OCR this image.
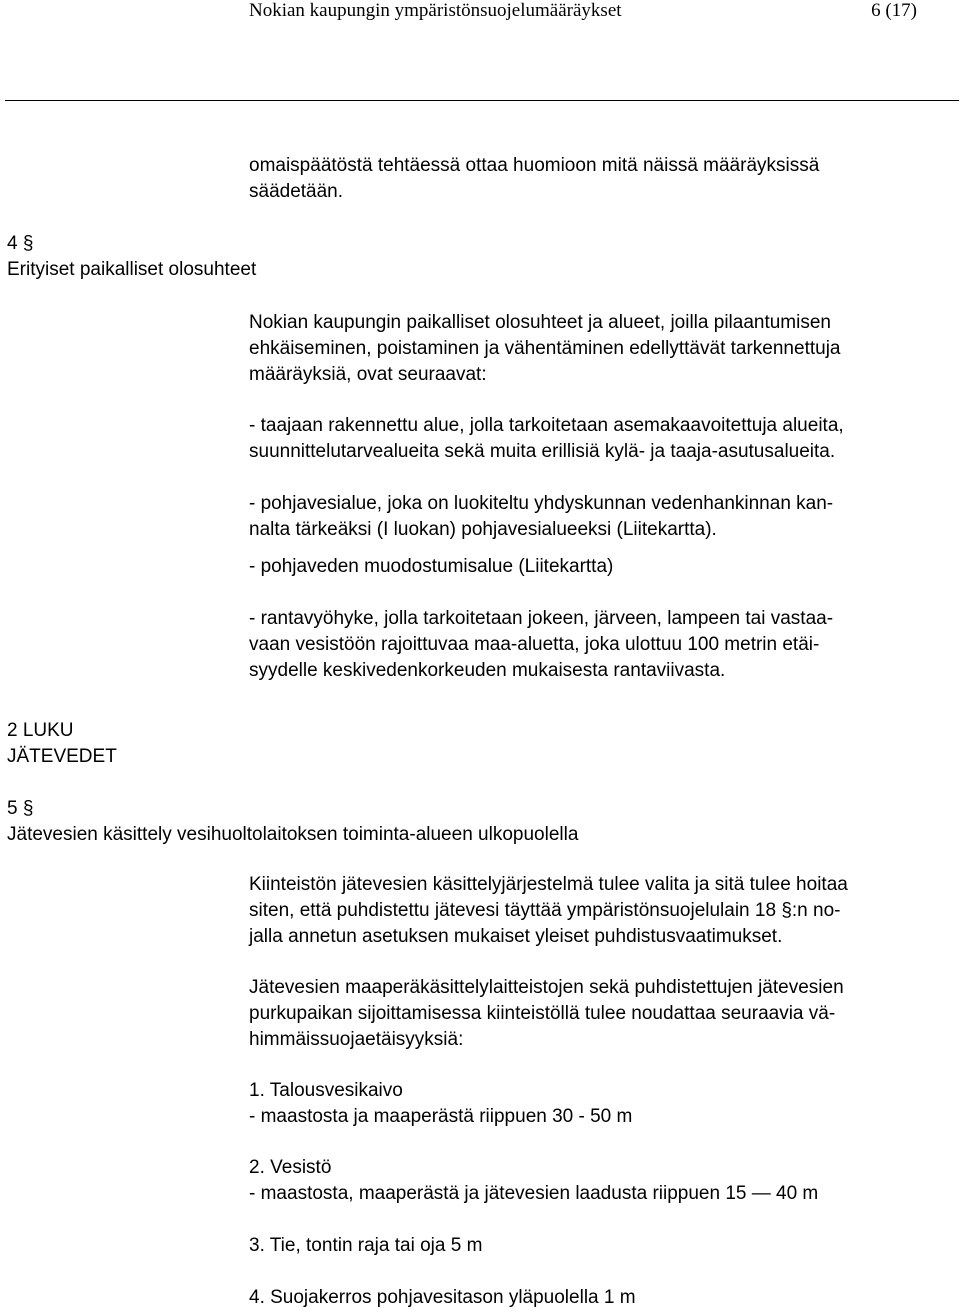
Nokian kaupungin ympäristönsuojelumääräykset	6 (17)
omaispäätöstä tehtäessä ottaa huomioon mitä näissä määräyksissä
säädetään.
4 §
Erityiset paikalliset olosuhteet
Nokian kaupungin paikalliset olosuhteet ja alueet, joilla pilaantumisen
ehkäiseminen, poistaminen ja vähentäminen edellyttävät tarkennettuja
määräyksiä, ovat seuraavat:
- taajaan rakennettu alue, jolla tarkoitetaan asemakaavoitettuja alueita,
suunnittelutarvealueita sekä muita erillisiä kylä- ja taaja-asutusalueita.
- pohjavesialue, joka on luokiteltu yhdyskunnan vedenhankinnan kan-
nalta tärkeäksi (I luokan) pohjavesialueeksi (Liitekartta).
- pohjaveden muodostumisalue (Liitekartta)
- rantavyöhyke, jolla tarkoitetaan jokeen, järveen, lampeen tai vastaa-
vaan vesistöön rajoittuvaa maa-aluetta, joka ulottuu 100 metrin etäi-
syydelle keskivedenkorkeuden mukaisesta rantaviivasta.
2 LUKU
JÄTEVEDET
5 §
Jätevesien käsittely vesihuoltolaitoksen toiminta-alueen ulkopuolella
Kiinteistön jätevesien käsittelyjärjestelmä tulee valita ja sitä tulee hoitaa
siten, että puhdistettu jätevesi täyttää ympäristönsuojelulain 18 §:n no-
jalla annetun asetuksen mukaiset yleiset puhdistusvaatimukset.
Jätevesien maaperäkäsittelylaitteistojen sekä puhdistettujen jätevesien
purkupaikan sijoittamisessa kiinteistöllä tulee noudattaa seuraavia vä-
himmäissuojaetäisyyksiä:
1. Talousvesikaivo
- maastosta ja maaperästä riippuen 30 - 50 m
2. Vesistö
- maastosta, maaperästä ja jätevesien laadusta riippuen 15 — 40 m
3. Tie, tontin raja tai oja 5 m
4. Suojakerros pohjavesitason yläpuolella 1 m
